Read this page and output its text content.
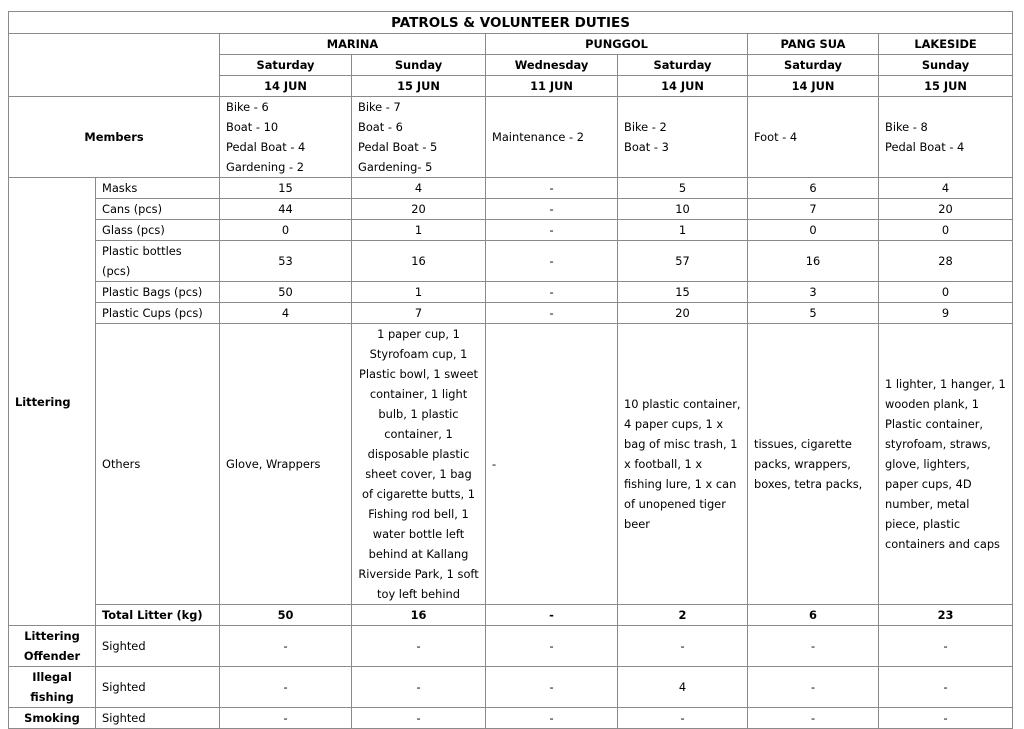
PATROLS & VOLUNTEER DUTIES							
		MARINA		PUNGGOL		PANG SUA	LAKESIDE
		Saturday	Sunday	Wednesday	Saturday	Saturday	Sunday
		14 JUN	15 JUN	11 JUN	14 JUN	14 JUN	15 JUN
Members		Bike - 6
Boat - 10
Pedal Boat - 4
Gardening - 2	Bike - 7
Boat - 6
Pedal Boat - 5
Gardening- 5	Maintenance - 2	Bike - 2
Boat - 3	Foot - 4	Bike - 8
Pedal Boat - 4
Littering	Masks	15	4	-	5	6	4
	Cans (pcs)	44	20	-	10	7	20
	Glass (pcs)	0	1	-	1	0	0
	Plastic bottles (pcs)	53	16	-	57	16	28
	Plastic Bags (pcs)	50	1	-	15	3	0
	Plastic Cups (pcs)	4	7	-	20	5	9
	Others	Glove, Wrappers	1 paper cup, 1 Styrofoam cup, 1 Plastic bowl, 1 sweet container, 1 light bulb, 1 plastic container, 1 disposable plastic sheet cover, 1 bag of cigarette butts, 1 Fishing rod bell, 1 water bottle left behind at Kallang Riverside Park, 1 soft toy left behind	-	10 plastic container, 4 paper cups, 1 x bag of misc trash, 1 x football, 1 x fishing lure, 1 x can of unopened tiger beer	tissues, cigarette packs, wrappers, boxes, tetra packs,	1 lighter, 1 hanger, 1 wooden plank, 1 Plastic container, styrofoam, straws, glove, lighters, paper cups, 4D number, metal piece, plastic containers and caps
	Total Litter (kg)	50	16	-	2	6	23
Littering Offender	Sighted	-	-	-	-	-	-
Illegal fishing	Sighted	-	-	-	4	-	-
Smoking	Sighted	-	-	-	-	-	-
